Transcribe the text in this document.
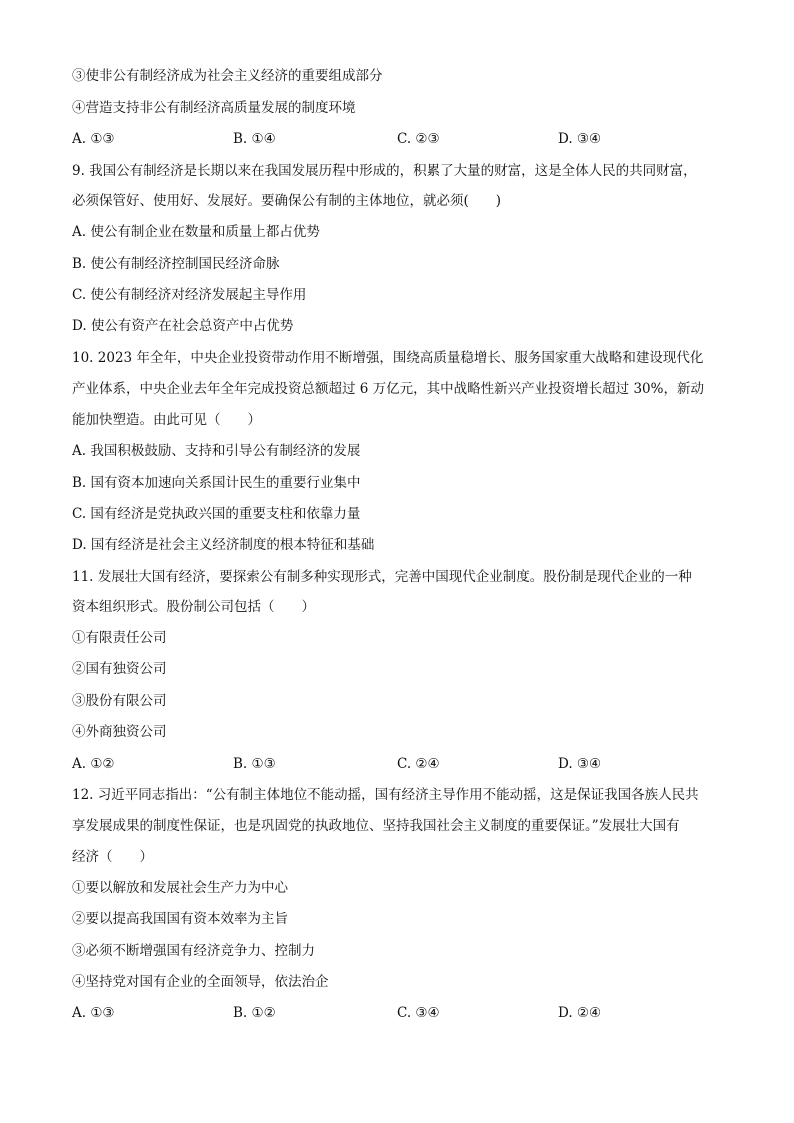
③使非公有制经济成为社会主义经济的重要组成部分
④营造支持非公有制经济高质量发展的制度环境
A. ①③	B. ①④	C. ②③	D. ③④
9. 我国公有制经济是长期以来在我国发展历程中形成的，积累了大量的财富，这是全体人民的共同财富，
必须保管好、使用好、发展好。要确保公有制的主体地位，就必须(　　)
A. 使公有制企业在数量和质量上都占优势
B. 使公有制经济控制国民经济命脉
C. 使公有制经济对经济发展起主导作用
D. 使公有资产在社会总资产中占优势
10. 2023 年全年，中央企业投资带动作用不断增强，围绕高质量稳增长、服务国家重大战略和建设现代化
产业体系，中央企业去年全年完成投资总额超过 6 万亿元，其中战略性新兴产业投资增长超过 30%，新动
能加快塑造。由此可见（　　）
A. 我国积极鼓励、支持和引导公有制经济的发展
B. 国有资本加速向关系国计民生的重要行业集中
C. 国有经济是党执政兴国的重要支柱和依靠力量
D. 国有经济是社会主义经济制度的根本特征和基础
11. 发展壮大国有经济，要探索公有制多种实现形式，完善中国现代企业制度。股份制是现代企业的一种
资本组织形式。股份制公司包括（　　）
①有限责任公司
②国有独资公司
③股份有限公司
④外商独资公司
A. ①②	B. ①③	C. ②④	D. ③④
12. 习近平同志指出：“公有制主体地位不能动摇，国有经济主导作用不能动摇，这是保证我国各族人民共
享发展成果的制度性保证，也是巩固党的执政地位、坚持我国社会主义制度的重要保证。”发展壮大国有
经济（　　）
①要以解放和发展社会生产力为中心
②要以提高我国国有资本效率为主旨
③必须不断增强国有经济竞争力、控制力
④坚持党对国有企业的全面领导，依法治企
A. ①③	B. ①②	C. ③④	D. ②④
